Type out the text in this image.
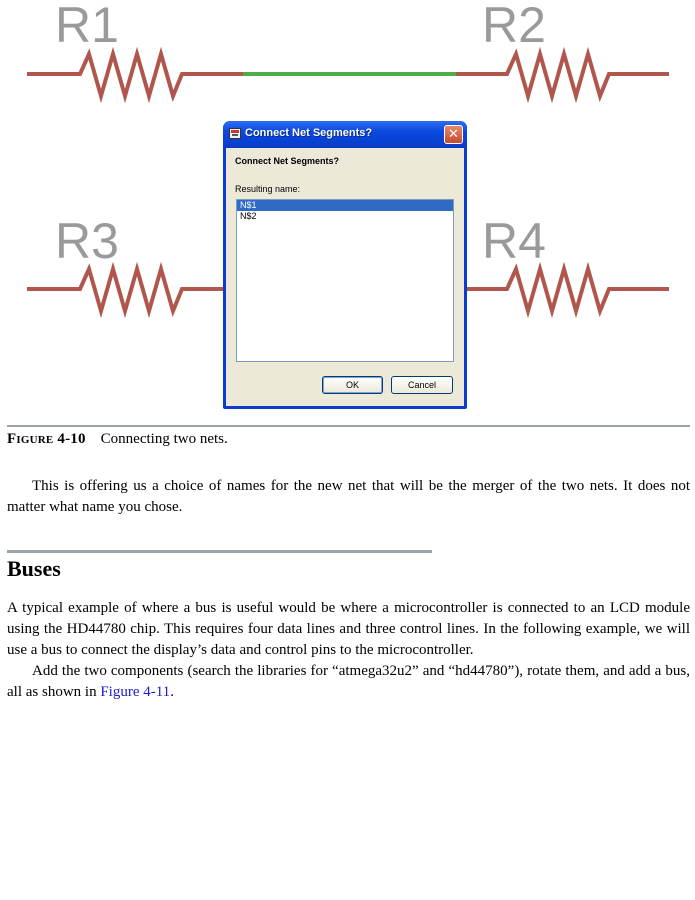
R1	R2
R3	R4
Connect Net Segments?	✕
Connect Net Segments?
Resulting name:
N$1
N$2
OK	Cancel
Figure 4-10 Connecting two nets.
This is offering us a choice of names for the new net that will be the merger of the two nets. It does not matter what name you chose.
Buses
A typical example of where a bus is useful would be where a microcontroller is connected to an LCD module using the HD44780 chip. This requires four data lines and three control lines. In the following example, we will use a bus to connect the display’s data and control pins to the microcontroller.
Add the two components (search the libraries for “atmega32u2” and “hd44780”), rotate them, and add a bus, all as shown in Figure 4-11.
